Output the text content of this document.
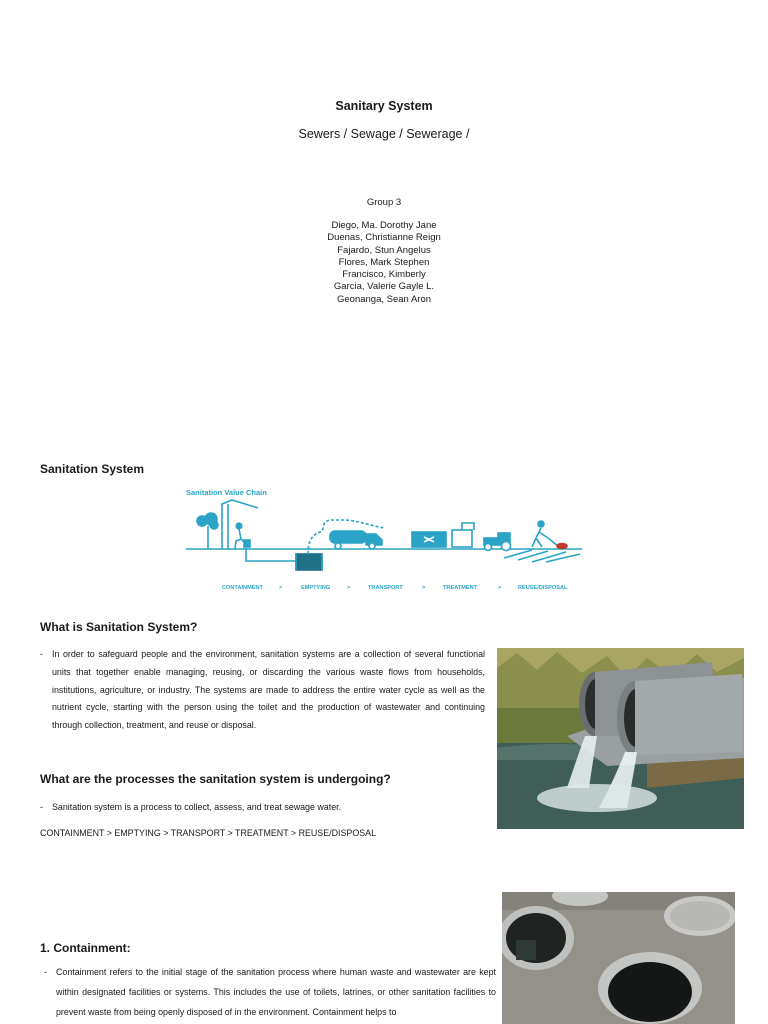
Sanitary System
Sewers / Sewage / Sewerage /
Group 3
Diego, Ma. Dorothy Jane
Duenas, Christianne Reign
Fajardo, Stun Angelus
Flores, Mark Stephen
Francisco, Kimberly
Garcia, Valerie Gayle L.
Geonanga, Sean Aron
Sanitation System
Sanitation Value Chain
CONTAINMENT	>	EMPTYING	>	TRANSPORT	>	TREATMENT	>	REUSE/DISPOSAL
What is Sanitation System?
- In order to safeguard people and the environment, sanitation systems are a collection of several functional units that together enable managing, reusing, or discarding the various waste flows from households, institutions, agriculture, or industry. The systems are made to address the entire water cycle as well as the nutrient cycle, starting with the person using the toilet and the production of wastewater and continuing through collection, treatment, and reuse or disposal.
What are the processes the sanitation system is undergoing?
- Sanitation system is a process to collect, assess, and treat sewage water.
CONTAINMENT > EMPTYING > TRANSPORT > TREATMENT > REUSE/DISPOSAL
1. Containment:
- Containment refers to the initial stage of the sanitation process where human waste and wastewater are kept within designated facilities or systems. This includes the use of toilets, latrines, or other sanitation facilities to prevent waste from being openly disposed of in the environment. Containment helps to
